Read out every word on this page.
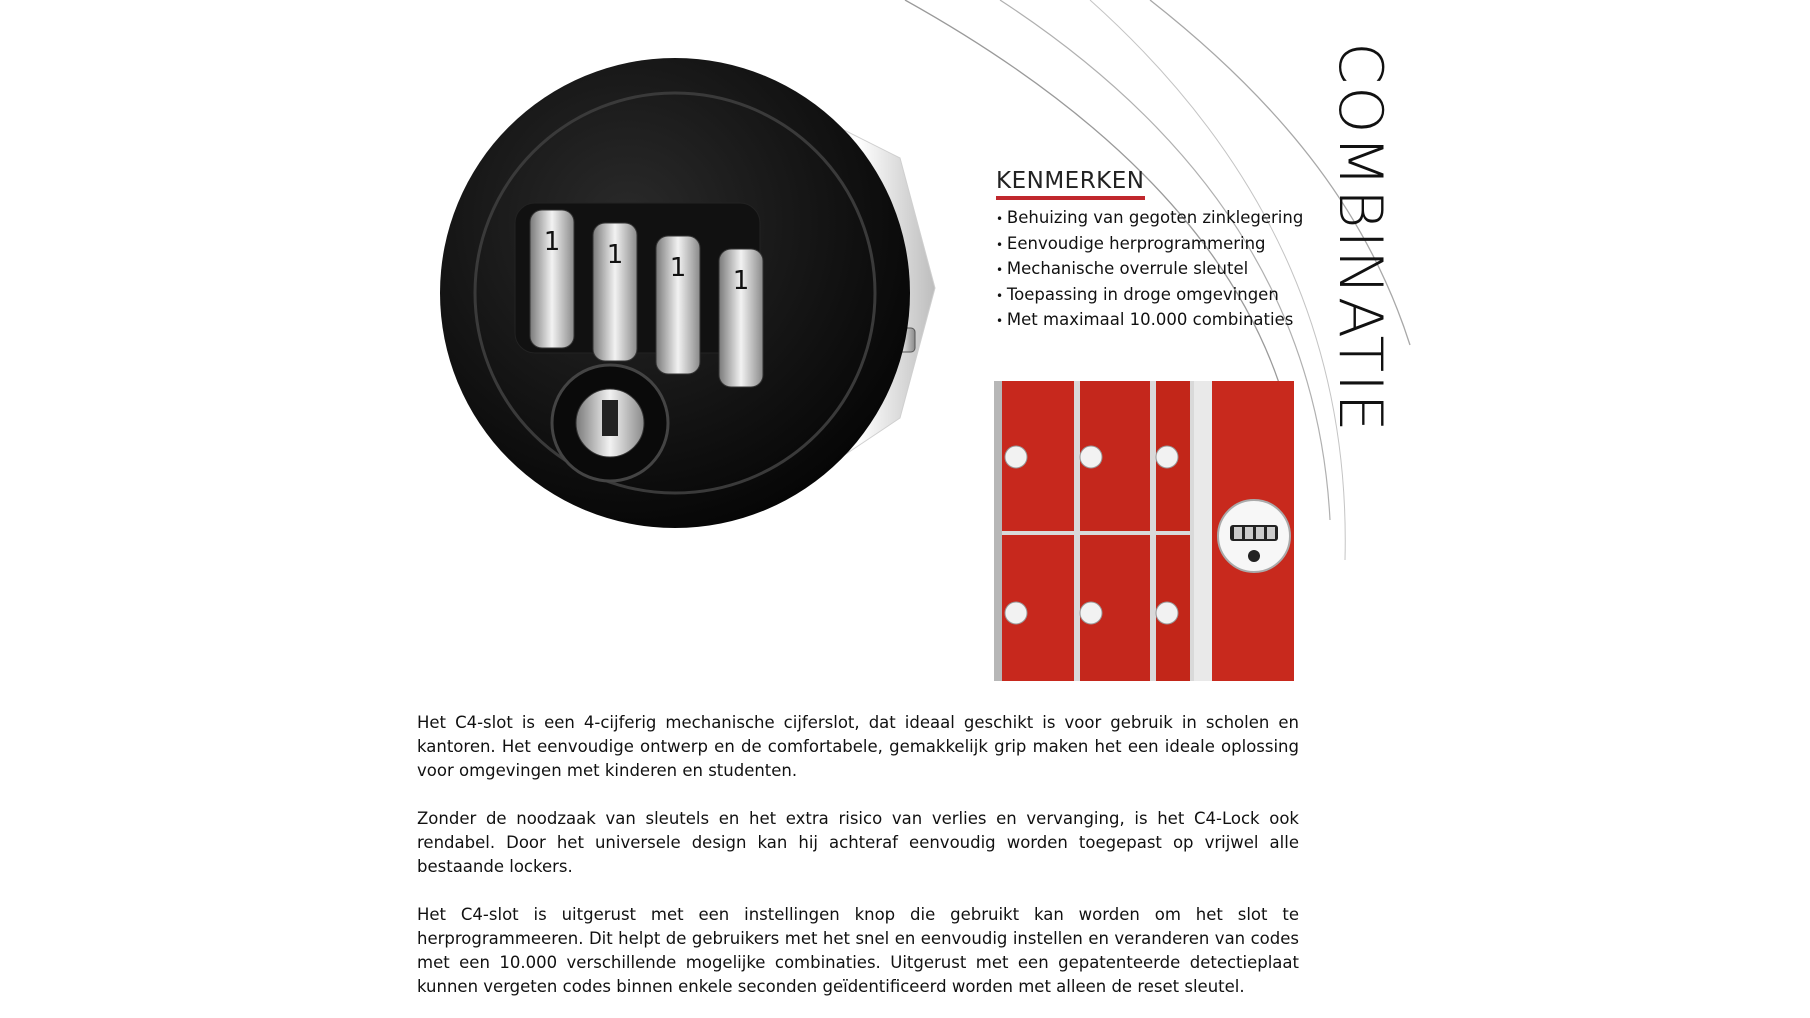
COMBINATIE
1 1 1 1
KENMERKEN
• Behuizing van gegoten zinklegering
• Eenvoudige herprogrammering
• Mechanische overrule sleutel
• Toepassing in droge omgevingen
• Met maximaal 10.000 combinaties

Het C4-slot is een 4-cijferig mechanische cijferslot, dat ideaal geschikt is voor gebruik in scholen en kantoren. Het eenvoudige ontwerp en de comfortabele, gemakkelijk grip maken het een ideale oplossing voor omgevingen met kinderen en studenten.

Zonder de noodzaak van sleutels en het extra risico van verlies en vervanging, is het C4-Lock ook rendabel. Door het universele design kan hij achteraf eenvoudig worden toegepast op vrijwel alle bestaande lockers.

Het C4-slot is uitgerust met een instellingen knop die gebruikt kan worden om het slot te herprogrammeeren. Dit helpt de gebruikers met het snel en eenvoudig instellen en veranderen van codes met een 10.000 verschillende mogelijke combinaties. Uitgerust met een gepatenteerde detectieplaat kunnen vergeten codes binnen enkele seconden geïdentificeerd worden met alleen de reset sleutel.
